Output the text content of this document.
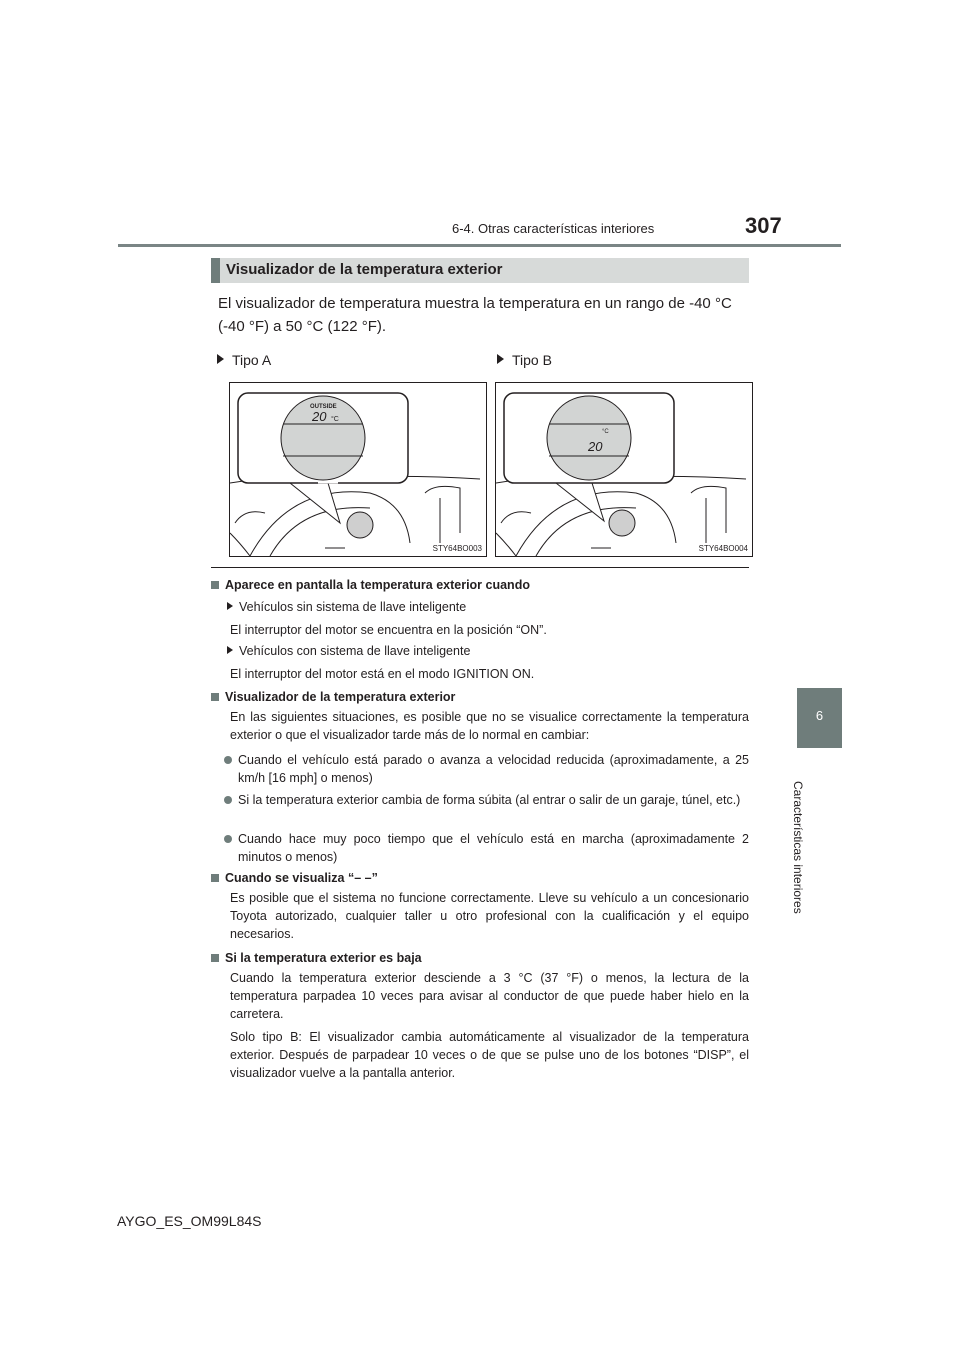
6-4. Otras características interiores	307
6
Características interiores
Visualizador de la temperatura exterior
El visualizador de temperatura muestra la temperatura en un rango de -40 °C (-40 °F) a 50 °C (122 °F).
Tipo A	Tipo B
OUTSIDE
20 °C
STY64BO003
20
°C
STY64BO004
Aparece en pantalla la temperatura exterior cuando
Vehículos sin sistema de llave inteligente
El interruptor del motor se encuentra en la posición “ON”.
Vehículos con sistema de llave inteligente
El interruptor del motor está en el modo IGNITION ON.
Visualizador de la temperatura exterior
En las siguientes situaciones, es posible que no se visualice correctamente la temperatura exterior o que el visualizador tarde más de lo normal en cambiar:
Cuando el vehículo está parado o avanza a velocidad reducida (aproximadamente, a 25 km/h [16 mph] o menos)
Si la temperatura exterior cambia de forma súbita (al entrar o salir de un garaje, túnel, etc.)
Cuando hace muy poco tiempo que el vehículo está en marcha (aproximadamente 2 minutos o menos)
Cuando se visualiza “– –”
Es posible que el sistema no funcione correctamente. Lleve su vehículo a un concesionario Toyota autorizado, cualquier taller u otro profesional con la cualificación y el equipo necesarios.
Si la temperatura exterior es baja
Cuando la temperatura exterior desciende a 3 °C (37 °F) o menos, la lectura de la temperatura parpadea 10 veces para avisar al conductor de que puede haber hielo en la carretera.
Solo tipo B: El visualizador cambia automáticamente al visualizador de la temperatura exterior. Después de parpadear 10 veces o de que se pulse uno de los botones “DISP”, el visualizador vuelve a la pantalla anterior.
AYGO_ES_OM99L84S
